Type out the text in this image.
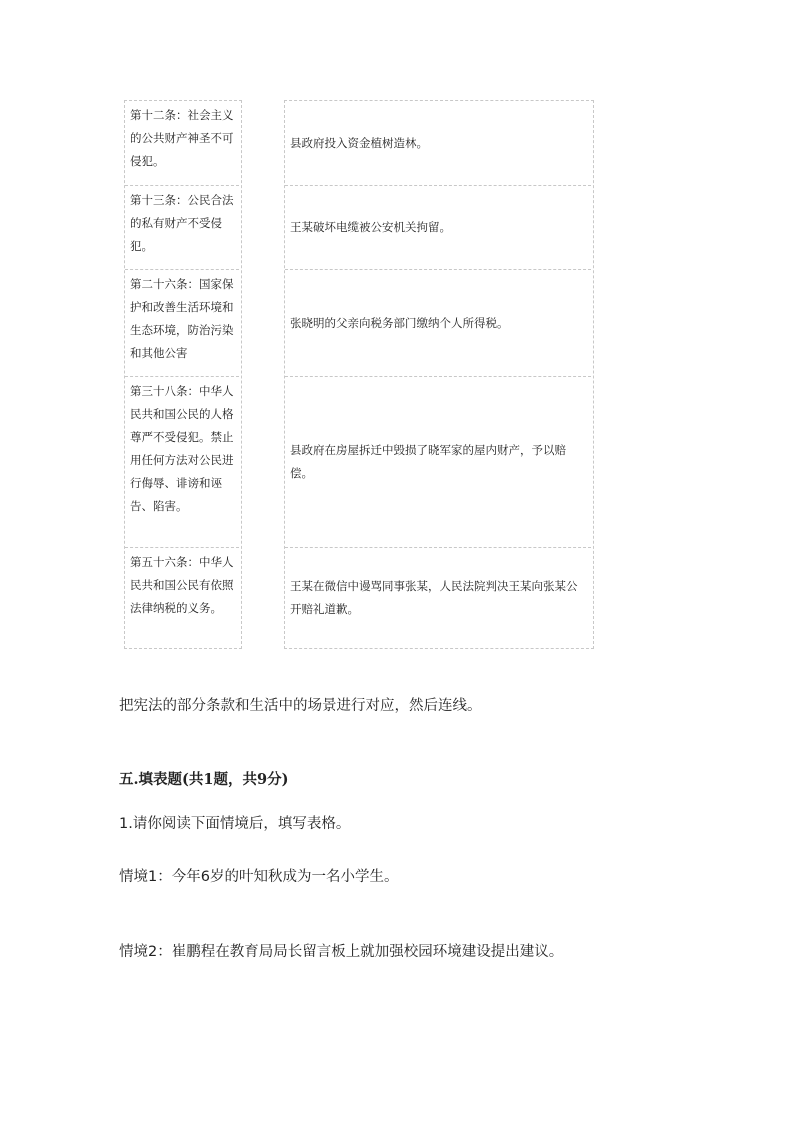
第十二条：社会主义的公共财产神圣不可侵犯。
第十三条：公民合法的私有财产不受侵犯。
第二十六条：国家保护和改善生活环境和生态环境，防治污染和其他公害
第三十八条：中华人民共和国公民的人格尊严不受侵犯。禁止用任何方法对公民进行侮辱、诽谤和诬告、陷害。
第五十六条：中华人民共和国公民有依照法律纳税的义务。
县政府投入资金植树造林。
王某破坏电缆被公安机关拘留。
张晓明的父亲向税务部门缴纳个人所得税。
县政府在房屋拆迁中毁损了晓军家的屋内财产，予以赔偿。
王某在微信中谩骂同事张某，人民法院判决王某向张某公开赔礼道歉。
把宪法的部分条款和生活中的场景进行对应，然后连线。
五.填表题(共1题，共9分)
1.请你阅读下面情境后，填写表格。
情境1：今年6岁的叶知秋成为一名小学生。
情境2：崔鹏程在教育局局长留言板上就加强校园环境建设提出建议。
